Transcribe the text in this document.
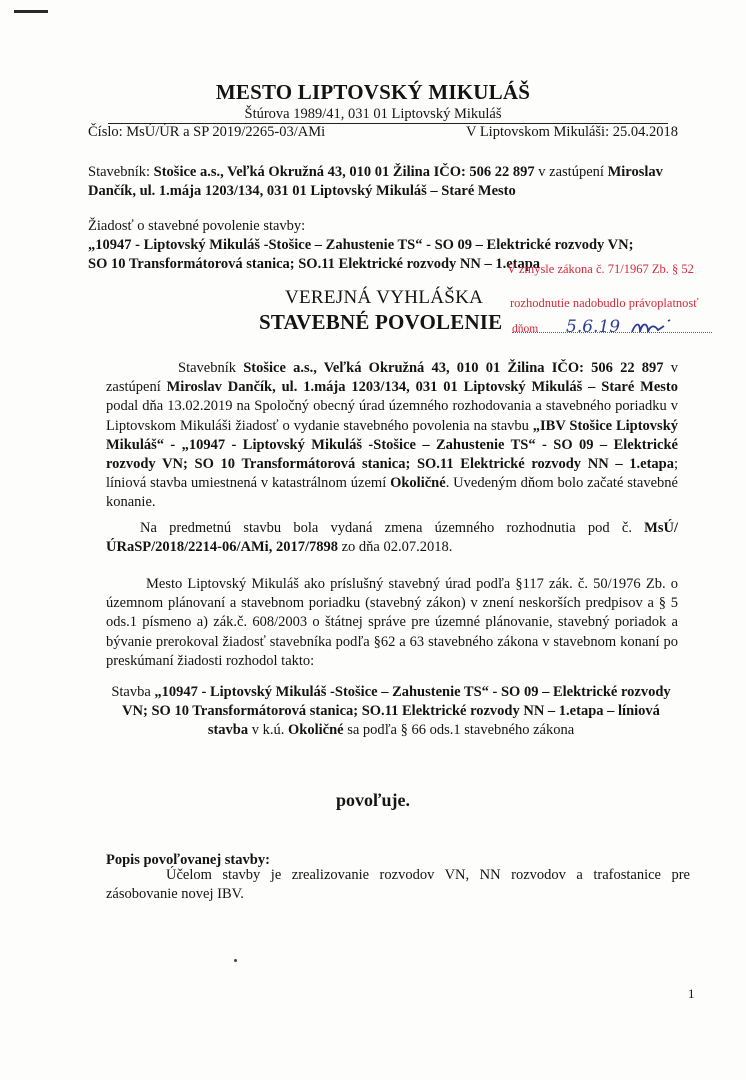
MESTO LIPTOVSKÝ MIKULÁŠ
Štúrova 1989/41, 031 01 Liptovský Mikuláš
Číslo: MsÚ/ÚR a SP 2019/2265-03/AMi	V Liptovskom Mikuláši: 25.04.2018
Stavebník: Stošice a.s., Veľká Okružná 43, 010 01 Žilina IČO: 506 22 897 v zastúpení Miroslav Dančík, ul. 1.mája 1203/134, 031 01 Liptovský Mikuláš – Staré Mesto
Žiadosť o stavebné povolenie stavby:
„10947 - Liptovský Mikuláš -Stošice – Zahustenie TS“ - SO 09 – Elektrické rozvody VN;
SO 10 Transformátorová stanica; SO.11 Elektrické rozvody NN – 1.etapa
V zmysle zákona č. 71/1967 Zb. § 52
rozhodnutie nadobudlo právoplatnosť
dňom 5.6.19
VEREJNÁ VYHLÁŠKA
STAVEBNÉ POVOLENIE
Stavebník Stošice a.s., Veľká Okružná 43, 010 01 Žilina IČO: 506 22 897 v zastúpení Miroslav Dančík, ul. 1.mája 1203/134, 031 01 Liptovský Mikuláš – Staré Mesto podal dňa 13.02.2019 na Spoločný obecný úrad územného rozhodovania a stavebného poriadku v Liptovskom Mikuláši žiadosť o vydanie stavebného povolenia na stavbu „IBV Stošice Liptovský Mikuláš“ - „10947 - Liptovský Mikuláš -Stošice – Zahustenie TS“ - SO 09 – Elektrické rozvody VN; SO 10 Transformátorová stanica; SO.11 Elektrické rozvody NN – 1.etapa; líniová stavba umiestnená v katastrálnom území Okoličné. Uvedeným dňom bolo začaté stavebné konanie.
Na predmetnú stavbu bola vydaná zmena územného rozhodnutia pod č. MsÚ/ÚRaSP/2018/2214-06/AMi, 2017/7898 zo dňa 02.07.2018.
Mesto Liptovský Mikuláš ako príslušný stavebný úrad podľa §117 zák. č. 50/1976 Zb. o územnom plánovaní a stavebnom poriadku (stavebný zákon) v znení neskorších predpisov a § 5 ods.1 písmeno a) zák.č. 608/2003 o štátnej správe pre územné plánovanie, stavebný poriadok a bývanie prerokoval žiadosť stavebníka podľa §62 a 63 stavebného zákona v stavebnom konaní po preskúmaní žiadosti rozhodol takto:
Stavba „10947 - Liptovský Mikuláš -Stošice – Zahustenie TS“ - SO 09 – Elektrické rozvody VN; SO 10 Transformátorová stanica; SO.11 Elektrické rozvody NN – 1.etapa – líniová stavba v k.ú. Okoličné sa podľa § 66 ods.1 stavebného zákona
povoľuje.
Popis povoľovanej stavby:
Účelom stavby je zrealizovanie rozvodov VN, NN rozvodov a trafostanice pre zásobovanie novej IBV.
1
